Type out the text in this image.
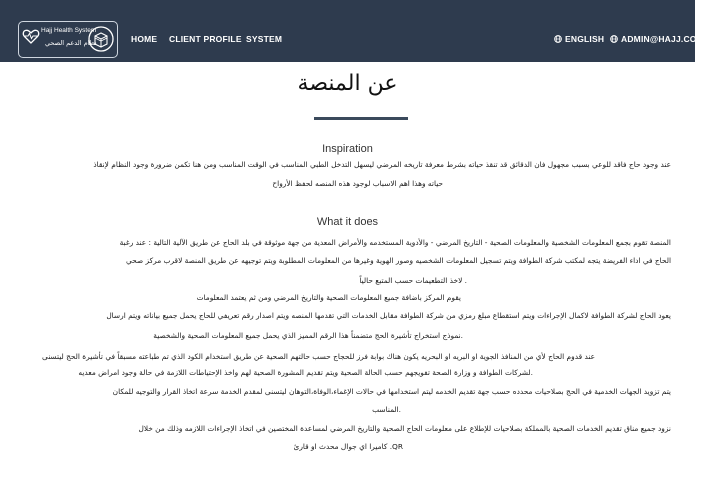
Hajj Health System
نظام الدعم الصحي	HOME CLIENT PROFILE SYSTEM	ENGLISH ADMIN@HAJJ.COM
عن المنصة
Inspiration
عند وجود حاج فاقد للوعي بسبب مجهول فان الدقائق قد تنقذ حياته بشرط معرفة تاريخه المرضي ليسهل التدخل الطبي المناسب في الوقت المناسب ومن هنا تكمن ضرورة وجود النظام لإنقاذ
حياته وهذا اهم الاسباب لوجود هذه المنصه لحفظ الأرواح
What it does
المنصة تقوم بجمع المعلومات الشخصية والمعلومات الصحية - التاريخ المرضي - والأدوية المستخدمه والأمراض المعدية من جهة موثوقة في بلد الحاج عن طريق الآلية التالية : عند رغبة
الحاج في اداء الفريضة يتجه لمكتب شركة الطوافة ويتم تسجيل المعلومات الشخصيه وصور الهوية وغيرها من المعلومات المطلوبة ويتم توجيهه عن طريق المنصة لاقرب مركز صحي
. لاخذ التطعيمات حسب المتبع حالياً
يقوم المركز باضافة جميع المعلومات الصحية والتاريخ المرضي ومن ثم يعتمد المعلومات
يعود الحاج لشركة الطوافة لاكمال الإجراءات ويتم استقطاع مبلغ رمزي من شركة الطوافة مقابل الخدمات التي تقدمها المنصه ويتم اصدار رقم تعريفي للحاج يحمل جميع بياناته ويتم ارسال
.نموذج استخراج تأشيرة الحج متضمناً هذا الرقم المميز الذي يحمل جميع المعلومات الصحية والشخصية
عند قدوم الحاج لأي من المنافذ الجوية او البريه او البحريه يكون هناك بوابة فرز للحجاج حسب حالتهم الصحية عن طريق استخدام الكود الذي تم طباعته مسبقاً في تأشيرة الحج ليتسنى
.لشركات الطوافة و وزارة الصحة تفويجهم حسب الحالة الصحية ويتم تقديم المشورة الصحية لهم واخذ الإحتياطات اللازمة في حالة وجود امراض معديه
يتم تزويد الجهات الخدمية في الحج بصلاحيات محدده حسب جهة تقديم الخدمه ليتم استخدامها في حالات الإغماء،الوفاة،التوهان ليتسنى لمقدم الخدمة سرعة اتخاذ القرار والتوجيه للمكان
.المناسب
نزود جميع مناق تقديم الخدمات الصحية بالمملكة بصلاحيات للإطلاع على معلومات الحاج الصحية والتاريخ المرضي لمساعدة المختصين في اتخاذ الإجراءات اللازمه وذلك من خلال
QR. كاميرا اي جوال محدث او قارئ
